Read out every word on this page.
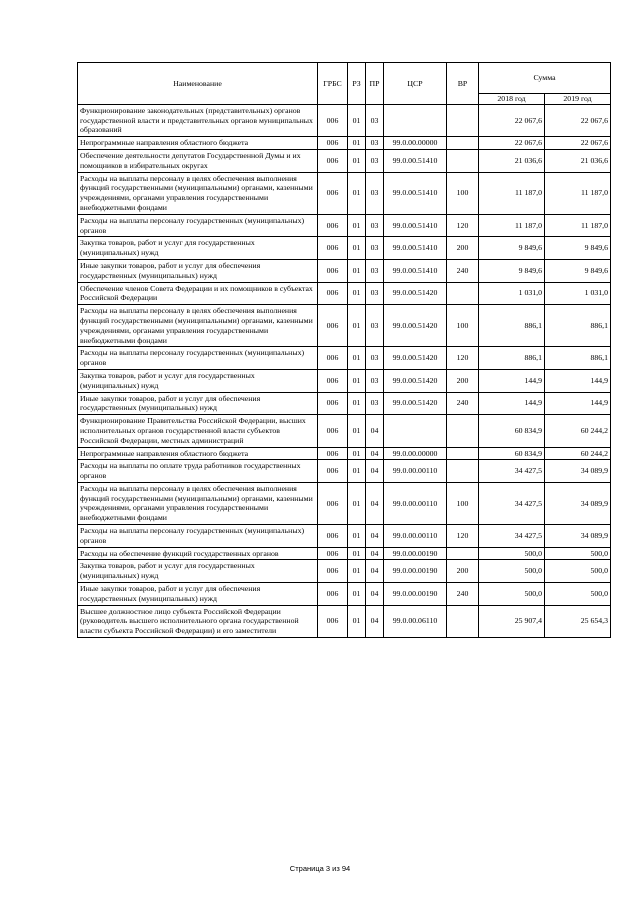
Наименование	ГРБС	РЗ	ПР	ЦСР	ВР	Сумма	
						2018 год	2019 год
Функционирование законодательных (представительных) органов государственной власти и представительных органов муниципальных образований	006	01	03			22 067,6	22 067,6
Непрограммные направления областного бюджета	006	01	03	99.0.00.00000		22 067,6	22 067,6
Обеспечение деятельности депутатов Государственной Думы и их помощников в избирательных округах	006	01	03	99.0.00.51410		21 036,6	21 036,6
Расходы на выплаты персоналу в целях обеспечения выполнения функций государственными (муниципальными) органами, казенными учреждениями, органами управления государственными внебюджетными фондами	006	01	03	99.0.00.51410	100	11 187,0	11 187,0
Расходы на выплаты персоналу государственных (муниципальных) органов	006	01	03	99.0.00.51410	120	11 187,0	11 187,0
Закупка товаров, работ и услуг для государственных (муниципальных) нужд	006	01	03	99.0.00.51410	200	9 849,6	9 849,6
Иные закупки товаров, работ и услуг для обеспечения государственных (муниципальных) нужд	006	01	03	99.0.00.51410	240	9 849,6	9 849,6
Обеспечение членов Совета Федерации и их помощников в субъектах Российской Федерации	006	01	03	99.0.00.51420		1 031,0	1 031,0
Расходы на выплаты персоналу в целях обеспечения выполнения функций государственными (муниципальными) органами, казенными учреждениями, органами управления государственными внебюджетными фондами	006	01	03	99.0.00.51420	100	886,1	886,1
Расходы на выплаты персоналу государственных (муниципальных) органов	006	01	03	99.0.00.51420	120	886,1	886,1
Закупка товаров, работ и услуг для государственных (муниципальных) нужд	006	01	03	99.0.00.51420	200	144,9	144,9
Иные закупки товаров, работ и услуг для обеспечения государственных (муниципальных) нужд	006	01	03	99.0.00.51420	240	144,9	144,9
Функционирование Правительства Российской Федерации, высших исполнительных органов государственной власти субъектов Российской Федерации, местных администраций	006	01	04			60 834,9	60 244,2
Непрограммные направления областного бюджета	006	01	04	99.0.00.00000		60 834,9	60 244,2
Расходы на выплаты по оплате труда работников государственных органов	006	01	04	99.0.00.00110		34 427,5	34 089,9
Расходы на выплаты персоналу в целях обеспечения выполнения функций государственными (муниципальными) органами, казенными учреждениями, органами управления государственными внебюджетными фондами	006	01	04	99.0.00.00110	100	34 427,5	34 089,9
Расходы на выплаты персоналу государственных (муниципальных) органов	006	01	04	99.0.00.00110	120	34 427,5	34 089,9
Расходы на обеспечение функций государственных органов	006	01	04	99.0.00.00190		500,0	500,0
Закупка товаров, работ и услуг для государственных (муниципальных) нужд	006	01	04	99.0.00.00190	200	500,0	500,0
Иные закупки товаров, работ и услуг для обеспечения государственных (муниципальных) нужд	006	01	04	99.0.00.00190	240	500,0	500,0
Высшее должностное лицо субъекта Российской Федерации (руководитель высшего исполнительного органа государственной власти субъекта Российской Федерации) и его заместители	006	01	04	99.0.00.06110		25 907,4	25 654,3
Страница 3 из 94
